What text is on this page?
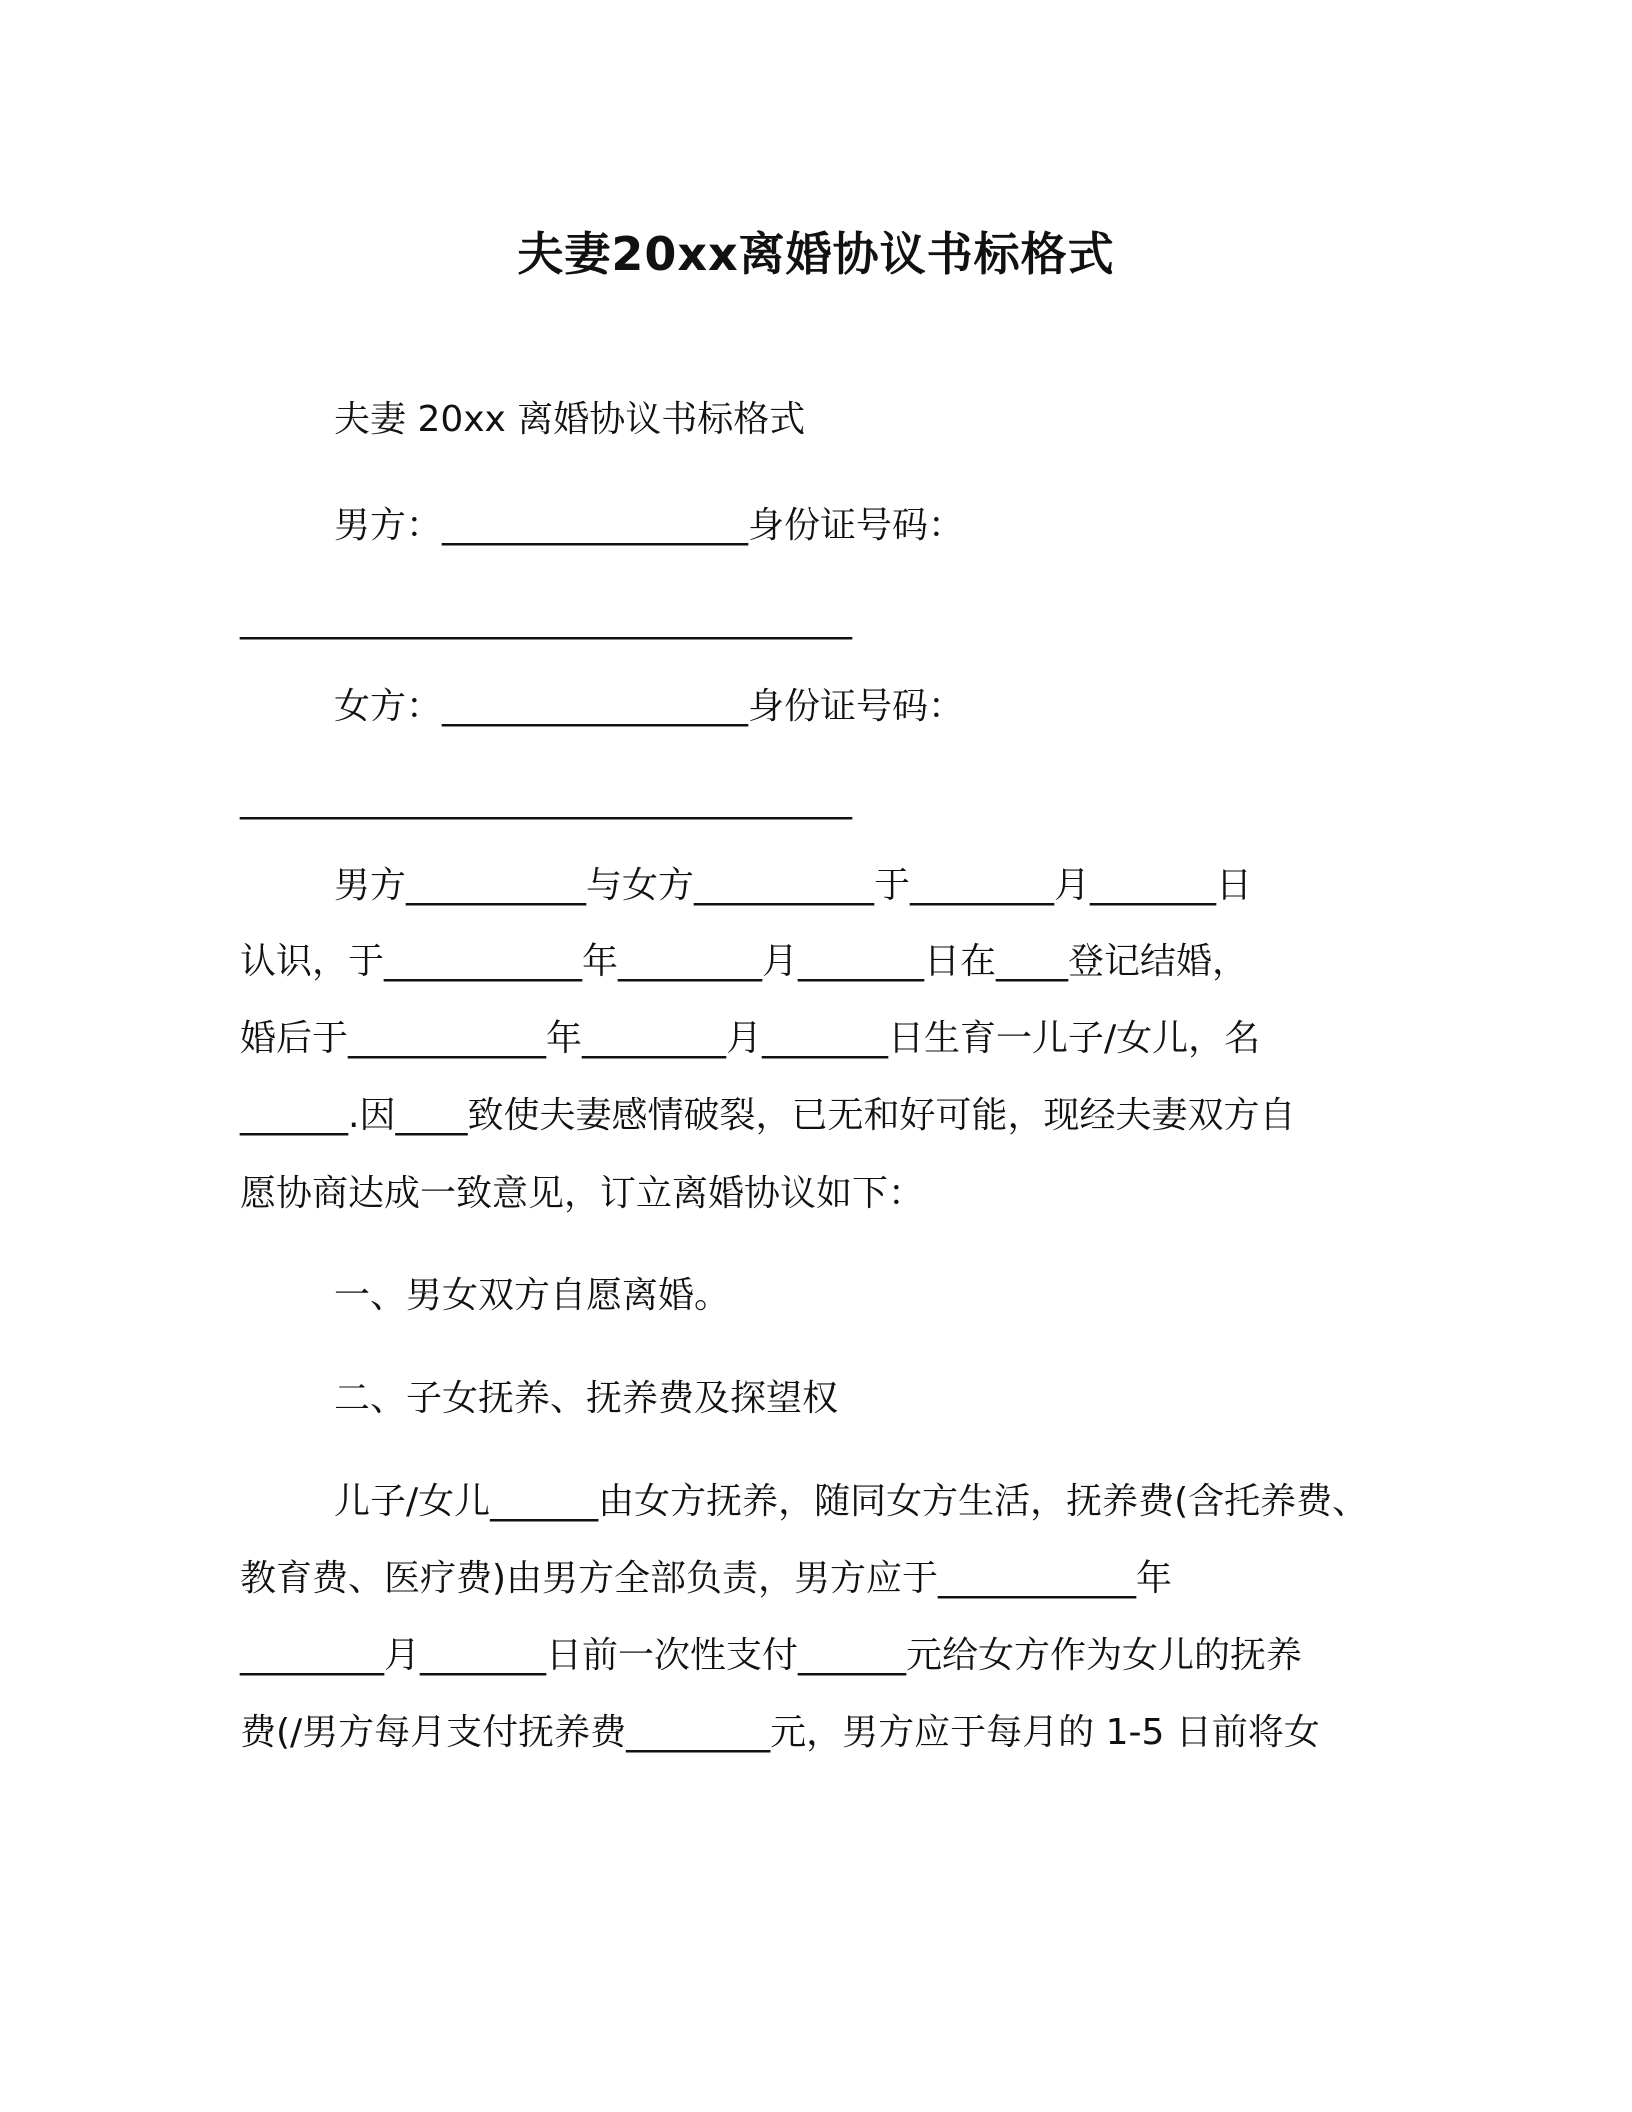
夫妻20xx离婚协议书标格式
夫妻 20xx 离婚协议书标格式
男方：_________________身份证号码：
__________________________________
女方：_________________身份证号码：
__________________________________
男方__________与女方__________于________月_______日
认识，于___________年________月_______日在____登记结婚，
婚后于___________年________月_______日生育一儿子/女儿，名
______.因____致使夫妻感情破裂，已无和好可能，现经夫妻双方自
愿协商达成一致意见，订立离婚协议如下：
一、男女双方自愿离婚。
二、子女抚养、抚养费及探望权
儿子/女儿______由女方抚养，随同女方生活，抚养费(含托养费、
教育费、医疗费)由男方全部负责，男方应于___________年
________月_______日前一次性支付______元给女方作为女儿的抚养
费(/男方每月支付抚养费________元，男方应于每月的 1-5 日前将女
